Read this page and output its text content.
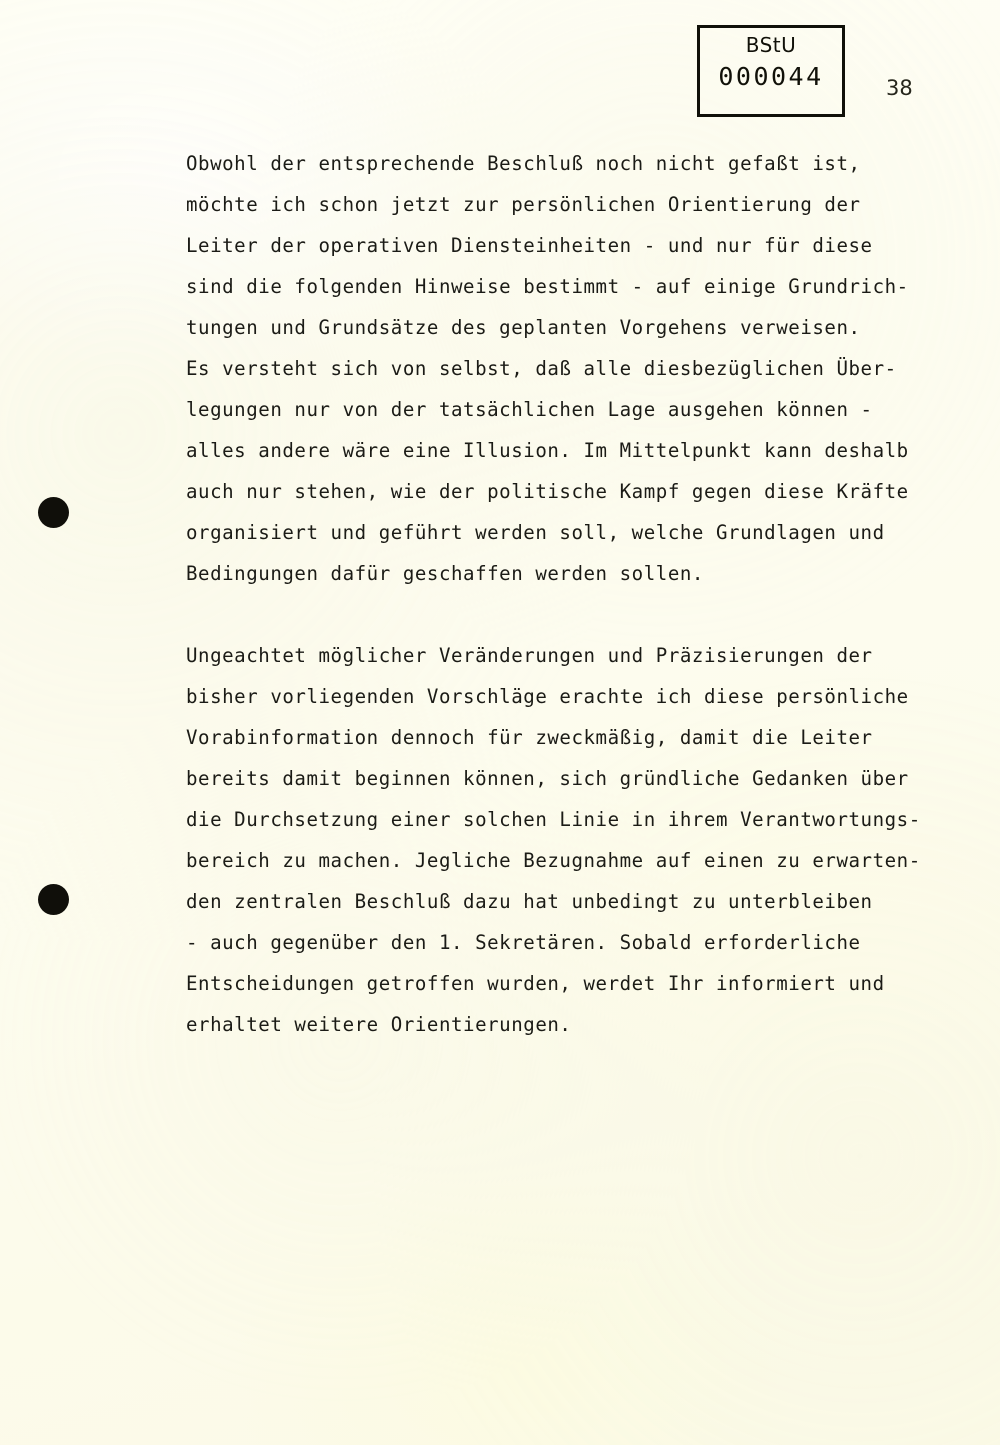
BStU
000044	38
Obwohl der entsprechende Beschluß noch nicht gefaßt ist,
möchte ich schon jetzt zur persönlichen Orientierung der
Leiter der operativen Diensteinheiten - und nur für diese
sind die folgenden Hinweise bestimmt - auf einige Grundrich-
tungen und Grundsätze des geplanten Vorgehens verweisen.
Es versteht sich von selbst, daß alle diesbezüglichen Über-
legungen nur von der tatsächlichen Lage ausgehen können -
alles andere wäre eine Illusion. Im Mittelpunkt kann deshalb
auch nur stehen, wie der politische Kampf gegen diese Kräfte
organisiert und geführt werden soll, welche Grundlagen und
Bedingungen dafür geschaffen werden sollen.
Ungeachtet möglicher Veränderungen und Präzisierungen der
bisher vorliegenden Vorschläge erachte ich diese persönliche
Vorabinformation dennoch für zweckmäßig, damit die Leiter
bereits damit beginnen können, sich gründliche Gedanken über
die Durchsetzung einer solchen Linie in ihrem Verantwortungs-
bereich zu machen. Jegliche Bezugnahme auf einen zu erwarten-
den zentralen Beschluß dazu hat unbedingt zu unterbleiben
- auch gegenüber den 1. Sekretären. Sobald erforderliche
Entscheidungen getroffen wurden, werdet Ihr informiert und
erhaltet weitere Orientierungen.
